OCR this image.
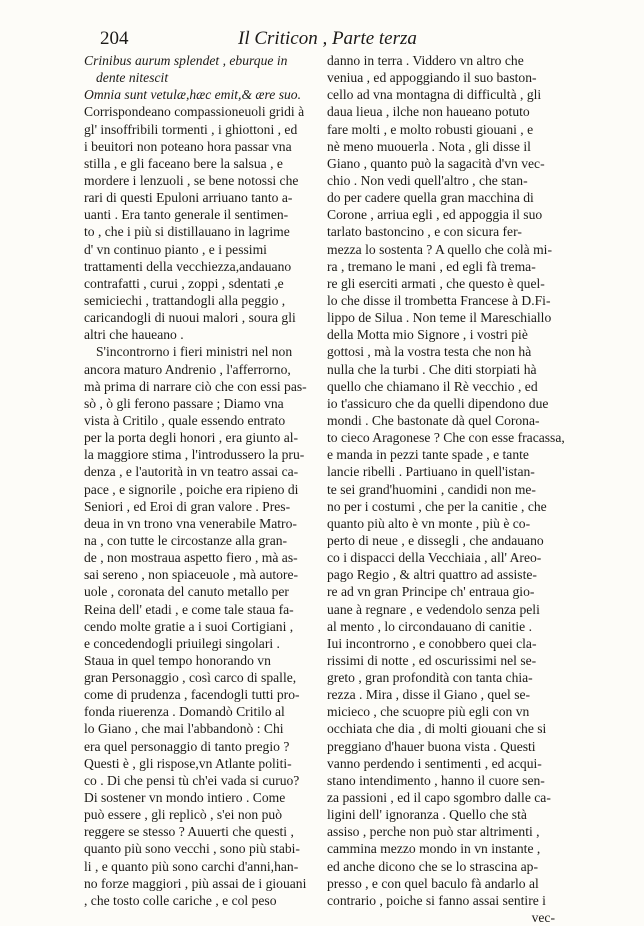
204	Il Criticon , Parte terza
Crinibus aurum splendet , eburque in
dente nitescit
Omnia sunt vetulæ,hæc emit,& ære suo.
Corrispondeano compassioneuoli gridi à
gl' insoffribili tormenti , i ghiottoni , ed
i beuitori non poteano hora passar vna
stilla , e gli faceano bere la salsua , e
mordere i lenzuoli , se bene notossi che
rari di questi Epuloni arriuano tanto a-
uanti . Era tanto generale il sentimen-
to , che i più si distillauano in lagrime
d' vn continuo pianto , e i pessimi
trattamenti della vecchiezza,andauano
contrafatti , curui , zoppi , sdentati ,e
semiciechi , trattandogli alla peggio ,
caricandogli di nuoui malori , soura gli
altri che haueano .
S'incontrorno i fieri ministri nel non
ancora maturo Andrenio , l'afferrorno,
mà prima di narrare ciò che con essi pas-
sò , ò gli ferono passare ; Diamo vna
vista à Critilo , quale essendo entrato
per la porta degli honori , era giunto al-
la maggiore stima , l'introdussero la pru-
denza , e l'autorità in vn teatro assai ca-
pace , e signorile , poiche era ripieno di
Seniori , ed Eroi di gran valore . Pres-
deua in vn trono vna venerabile Matro-
na , con tutte le circostanze alla gran-
de , non mostraua aspetto fiero , mà as-
sai sereno , non spiaceuole , mà autore-
uole , coronata del canuto metallo per
Reina dell' etadi , e come tale staua fa-
cendo molte gratie a i suoi Cortigiani ,
e concedendogli priuilegi singolari .
Staua in quel tempo honorando vn
gran Personaggio , così carco di spalle,
come di prudenza , facendogli tutti pro-
fonda riuerenza . Domandò Critilo al
lo Giano , che mai l'abbandonò : Chi
era quel personaggio di tanto pregio ?
Questi è , gli rispose,vn Atlante politi-
co . Di che pensi tù ch'ei vada si curuo?
Di sostener vn mondo intiero . Come
può essere , gli replicò , s'ei non può
reggere se stesso ? Auuerti che questi ,
quanto più sono vecchi , sono più stabi-
li , e quanto più sono carchi d'anni,han-
no forze maggiori , più assai de i giouani
, che tosto colle cariche , e col peso
danno in terra . Viddero vn altro che
veniua , ed appoggiando il suo baston-
cello ad vna montagna di difficultà , gli
daua lieua , ilche non haueano potuto
fare molti , e molto robusti giouani , e
nè meno muouerla . Nota , gli disse il
Giano , quanto può la sagacità d'vn vec-
chio . Non vedi quell'altro , che stan-
do per cadere quella gran macchina di
Corone , arriua egli , ed appoggia il suo
tarlato bastoncino , e con sicura fer-
mezza lo sostenta ? A quello che colà mi-
ra , tremano le mani , ed egli fà trema-
re gli eserciti armati , che questo è quel-
lo che disse il trombetta Francese à D.Fi-
lippo de Silua . Non teme il Mareschiallo
della Motta mio Signore , i vostri piè
gottosi , mà la vostra testa che non hà
nulla che la turbi . Che diti storpiati hà
quello che chiamano il Rè vecchio , ed
io t'assicuro che da quelli dipendono due
mondi . Che bastonate dà quel Corona-
to cieco Aragonese ? Che con esse fracassa,
e manda in pezzi tante spade , e tante
lancie ribelli . Partiuano in quell'istan-
te sei grand'huomini , candidi non me-
no per i costumi , che per la canitie , che
quanto più alto è vn monte , più è co-
perto di neue , e dissegli , che andauano
co i dispacci della Vecchiaia , all' Areo-
pago Regio , & altri quattro ad assiste-
re ad vn gran Principe ch' entraua gio-
uane à regnare , e vedendolo senza peli
al mento , lo circondauano di canitie .
Iui incontrorno , e conobbero quei cla-
rissimi di notte , ed oscurissimi nel se-
greto , gran profondità con tanta chia-
rezza . Mira , disse il Giano , quel se-
micieco , che scuopre più egli con vn
occhiata che dia , di molti giouani che si
preggiano d'hauer buona vista . Questi
vanno perdendo i sentimenti , ed acqui-
stano intendimento , hanno il cuore sen-
za passioni , ed il capo sgombro dalle ca-
ligini dell' ignoranza . Quello che stà
assiso , perche non può star altrimenti ,
cammina mezzo mondo in vn instante ,
ed anche dicono che se lo strascina ap-
presso , e con quel baculo fà andarlo al
contrario , poiche si fanno assai sentire i
vec-
